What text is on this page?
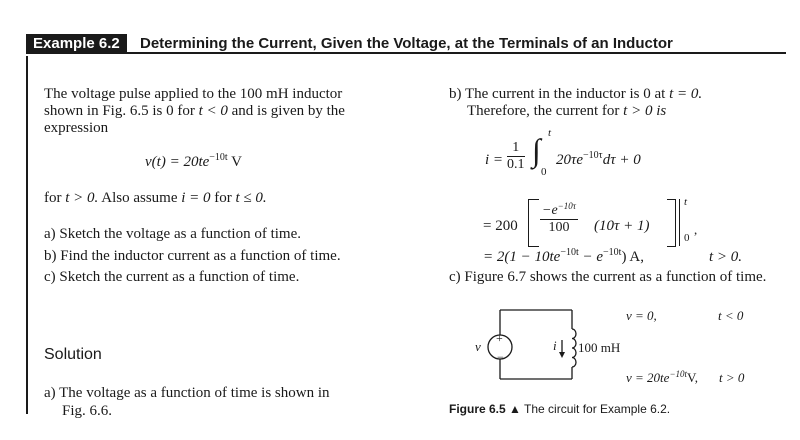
Example 6.2	Determining the Current, Given the Voltage, at the Terminals of an Inductor
The voltage pulse applied to the 100 mH inductor
shown in Fig. 6.5 is 0 for t < 0 and is given by the
expression
$v(t) = 20te^{-10t}$ V
for t > 0. Also assume i = 0 for t ≤ 0.
a) Sketch the voltage as a function of time.
b) Find the inductor current as a function of time.
c) Sketch the current as a function of time.
Solution
a) The voltage as a function of time is shown in
Fig. 6.6.
b) The current in the inductor is 0 at t = 0.
Therefore, the current for t > 0 is
$i = \frac{1}{0.1}$ ∫ t
0
$20\tau e^{-10\tau}d\tau + 0$
= $200 \frac{-e^{-10\tau}}{100} (10\tau + 1)$
t
0
,
= $2(1 - 10te^{-10t} - e^{-10t})$ A,	t > 0.
c) Figure 6.7 shows the current as a function of time.
+
−
v	i 100 mH
v = 0,	t < 0
$v = 20te^{-10t}V$, t > 0
Figure 6.5 ▲ The circuit for Example 6.2.
